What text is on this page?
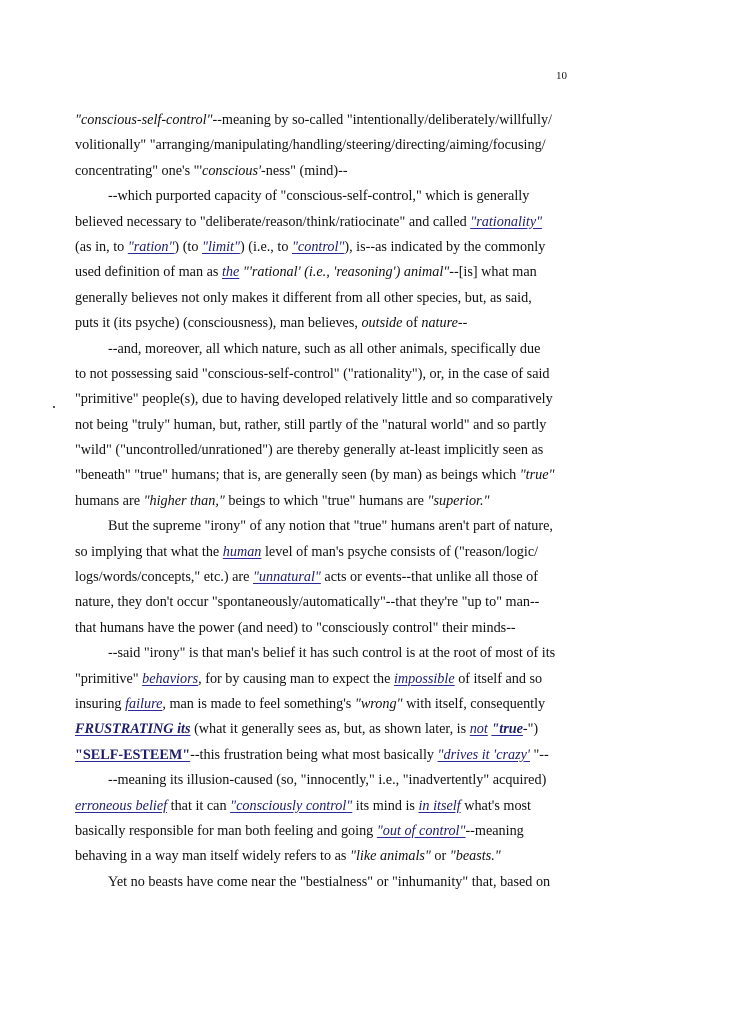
10
"conscious-self-control"--meaning by so-called "intentionally/deliberately/willfully/
volitionally" "arranging/manipulating/handling/steering/directing/aiming/focusing/
concentrating" one's "'conscious'-ness" (mind)--
--which purported capacity of "conscious-self-control," which is generally
believed necessary to "deliberate/reason/think/ratiocinate" and called "rationality"
(as in, to "ration") (to "limit") (i.e., to "control"), is--as indicated by the commonly
used definition of man as the "'rational' (i.e., 'reasoning') animal"--[is] what man
generally believes not only makes it different from all other species, but, as said,
puts it (its psyche) (consciousness), man believes, outside of nature--
--and, moreover, all which nature, such as all other animals, specifically due
to not possessing said "conscious-self-control" ("rationality"), or, in the case of said
"primitive" people(s), due to having developed relatively little and so comparatively
not being "truly" human, but, rather, still partly of the "natural world" and so partly
"wild" ("uncontrolled/unrationed") are thereby generally at-least implicitly seen as
"beneath" "true" humans; that is, are generally seen (by man) as beings which "true"
humans are "higher than," beings to which "true" humans are "superior."
But the supreme "irony" of any notion that "true" humans aren't part of nature,
so implying that what the human level of man's psyche consists of ("reason/logic/
logs/words/concepts," etc.) are "unnatural" acts or events--that unlike all those of
nature, they don't occur "spontaneously/automatically"--that they're "up to" man--
that humans have the power (and need) to "consciously control" their minds--
--said "irony" is that man's belief it has such control is at the root of most of its
"primitive" behaviors, for by causing man to expect the impossible of itself and so
insuring failure, man is made to feel something's "wrong" with itself, consequently
FRUSTRATING its (what it generally sees as, but, as shown later, is not "true-")
"SELF-ESTEEM"--this frustration being what most basically "drives it 'crazy' "--
--meaning its illusion-caused (so, "innocently," i.e., "inadvertently" acquired)
erroneous belief that it can "consciously control" its mind is in itself what's most
basically responsible for man both feeling and going "out of control"--meaning
behaving in a way man itself widely refers to as "like animals" or "beasts."
Yet no beasts have come near the "bestialness" or "inhumanity" that, based on
